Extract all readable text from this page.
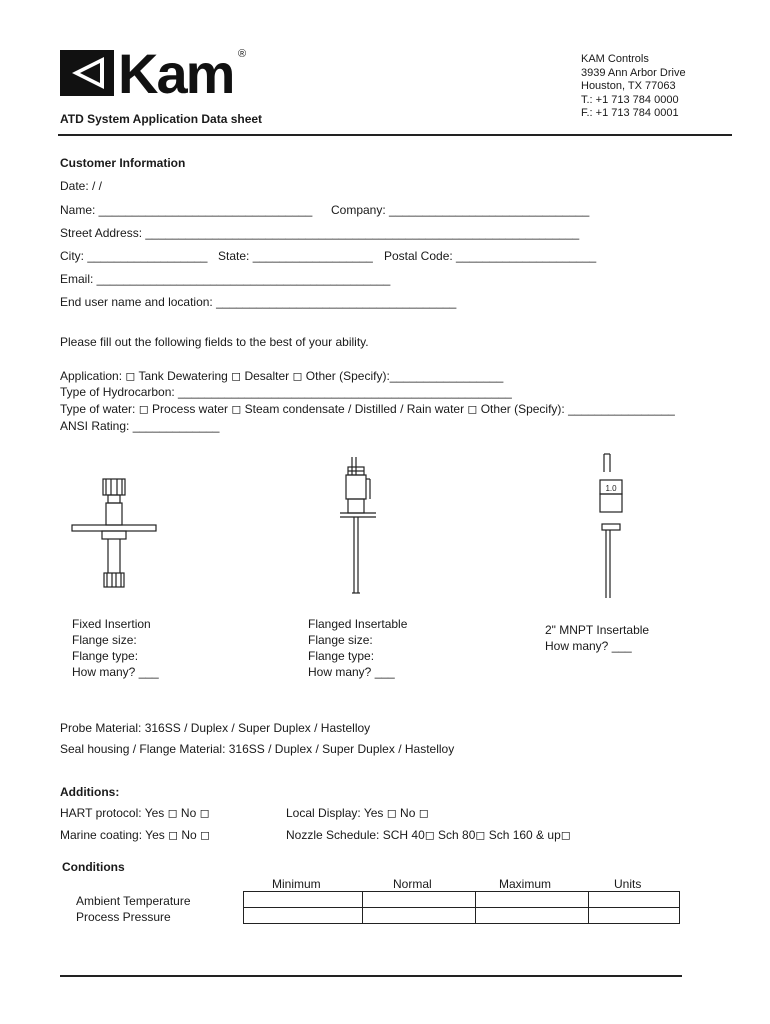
Kam ®
ATD System Application Data sheet
KAM Controls
3939 Ann Arbor Drive
Houston, TX 77063
T.: +1 713 784 0000
F.: +1 713 784 0001
Customer Information
Date: / /
Name: ________________________________ Company: ______________________________
Street Address: _________________________________________________________________
City: __________________ State: __________________ Postal Code: _____________________
Email: ____________________________________________
End user name and location: ____________________________________
Please fill out the following fields to the best of your ability.
Application: ◻ Tank Dewatering ◻ Desalter ◻ Other (Specify):_________________
Type of Hydrocarbon: __________________________________________________
Type of water: ◻ Process water ◻ Steam condensate / Distilled / Rain water ◻ Other (Specify): ________________
ANSI Rating: _____________
1.0
Fixed Insertion
Flange size:
Flange type:
How many? ___
Flanged Insertable
Flange size:
Flange type:
How many? ___
2" MNPT Insertable
How many? ___
Probe Material: 316SS / Duplex / Super Duplex / Hastelloy
Seal housing / Flange Material: 316SS / Duplex / Super Duplex / Hastelloy
Additions:
HART protocol: Yes ◻ No ◻	Local Display: Yes ◻ No ◻
Marine coating: Yes ◻ No ◻	Nozzle Schedule: SCH 40◻ Sch 80◻ Sch 160 & up◻
Conditions
Minimum	Normal	Maximum	Units
Ambient Temperature
Process Pressure
